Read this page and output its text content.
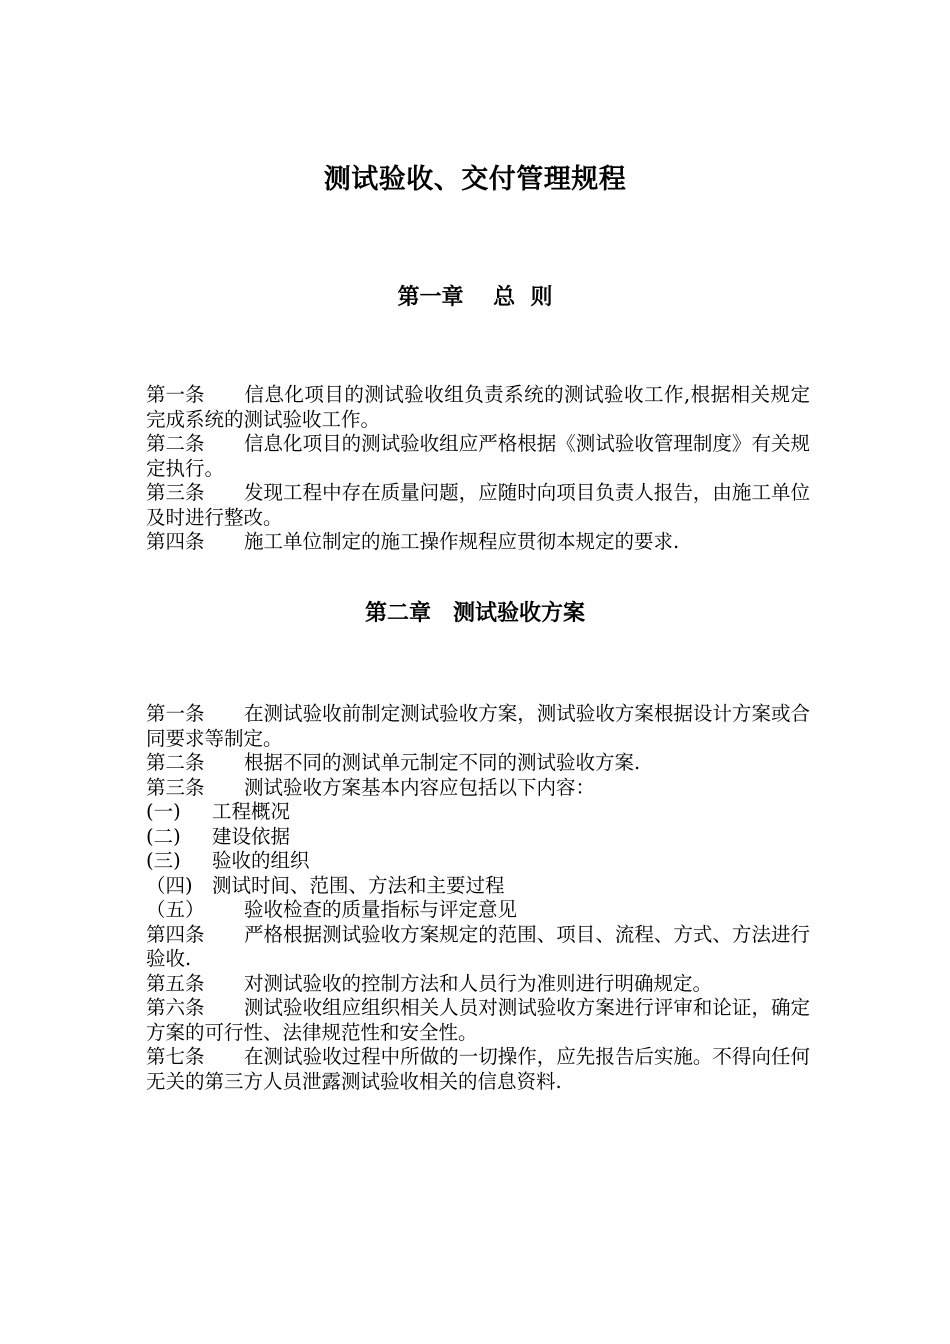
测试验收、交付管理规程
第一章　 总  则
第一条 信息化项目的测试验收组负责系统的测试验收工作,根据相关规定完成系统的测试验收工作。
第二条 信息化项目的测试验收组应严格根据《测试验收管理制度》有关规定执行。
第三条 发现工程中存在质量问题，应随时向项目负责人报告，由施工单位及时进行整改。
第四条 施工单位制定的施工操作规程应贯彻本规定的要求.
第二章　测试验收方案
第一条 在测试验收前制定测试验收方案，测试验收方案根据设计方案或合同要求等制定。
第二条 根据不同的测试单元制定不同的测试验收方案.
第三条 测试验收方案基本内容应包括以下内容：
(一) 工程概况
(二) 建设依据
(三) 验收的组织
（四) 测试时间、范围、方法和主要过程
（五） 验收检查的质量指标与评定意见
第四条 严格根据测试验收方案规定的范围、项目、流程、方式、方法进行验收.
第五条 对测试验收的控制方法和人员行为准则进行明确规定。
第六条 测试验收组应组织相关人员对测试验收方案进行评审和论证，确定方案的可行性、法律规范性和安全性。
第七条 在测试验收过程中所做的一切操作，应先报告后实施。不得向任何无关的第三方人员泄露测试验收相关的信息资料.
